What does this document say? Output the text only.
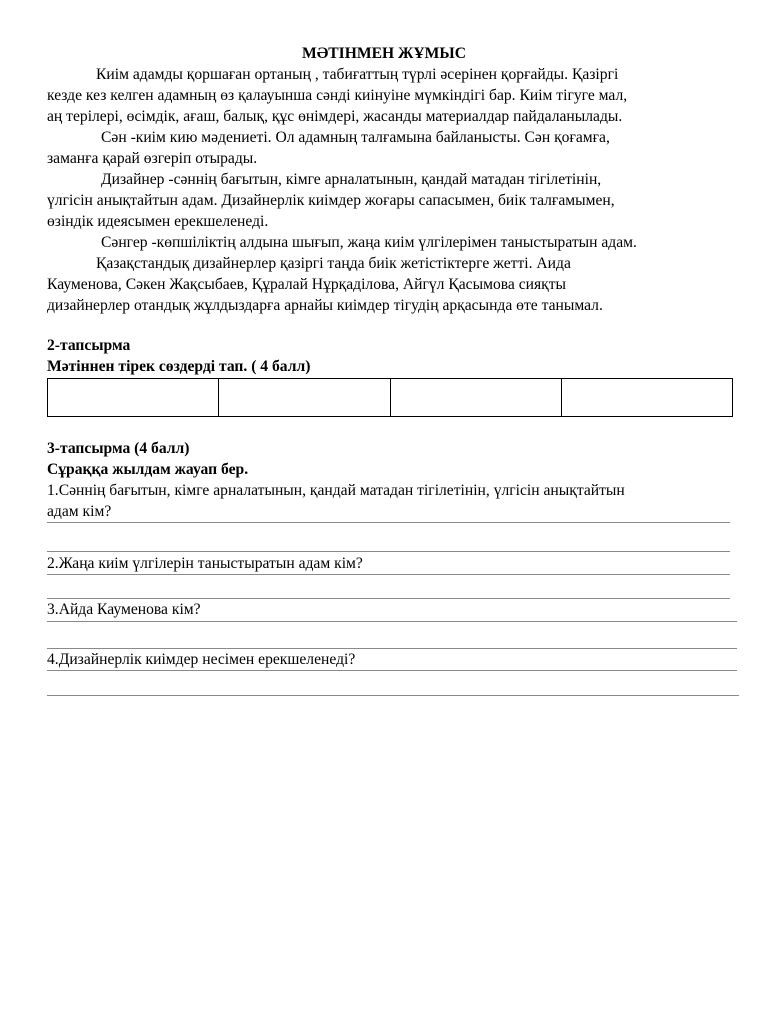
МӘТІНМЕН ЖҰМЫС

Киім адамды қоршаған ортаның , табиғаттың түрлі әсерінен қорғайды. Қазіргі
кезде кез келген адамның өз қалауынша сәнді киінуіне мүмкіндігі бар. Киім тігуге мал,
аң терілері, өсімдік, ағаш, балық, құс өнімдері, жасанды материалдар пайдаланылады.

Сән -киім кию мәдениеті. Ол адамның талғамына байланысты. Сән қоғамға,
заманға қарай өзгеріп отырады.

Дизайнер -сәннің бағытын, кімге арналатынын, қандай матадан тігілетінін,
үлгісін анықтайтын адам. Дизайнерлік киімдер жоғары сапасымен, биік талғамымен,
өзіндік идеясымен ерекшеленеді.

Сәнгер -көпшіліктің алдына шығып, жаңа киім үлгілерімен таныстыратын адам.

Қазақстандық дизайнерлер қазіргі таңда биік жетістіктерге жетті. Аида
Кауменова, Сәкен Жақсыбаев, Құралай Нұрқаділова, Айгүл Қасымова сияқты
дизайнерлер отандық жұлдыздарға арнайы киімдер тігудің арқасында өте танымал.

2-тапсырма
Мәтіннен тірек сөздерді тап. ( 4 балл)

3-тапсырма (4 балл)
Сұраққа жылдам жауап бер.
1.Сәннің бағытын, кімге арналатынын, қандай матадан тігілетінін, үлгісін анықтайтын
адам кім?
2.Жаңа киім үлгілерін таныстыратын адам кім?
3.Айда Кауменова кім?
4.Дизайнерлік киімдер несімен ерекшеленеді?
